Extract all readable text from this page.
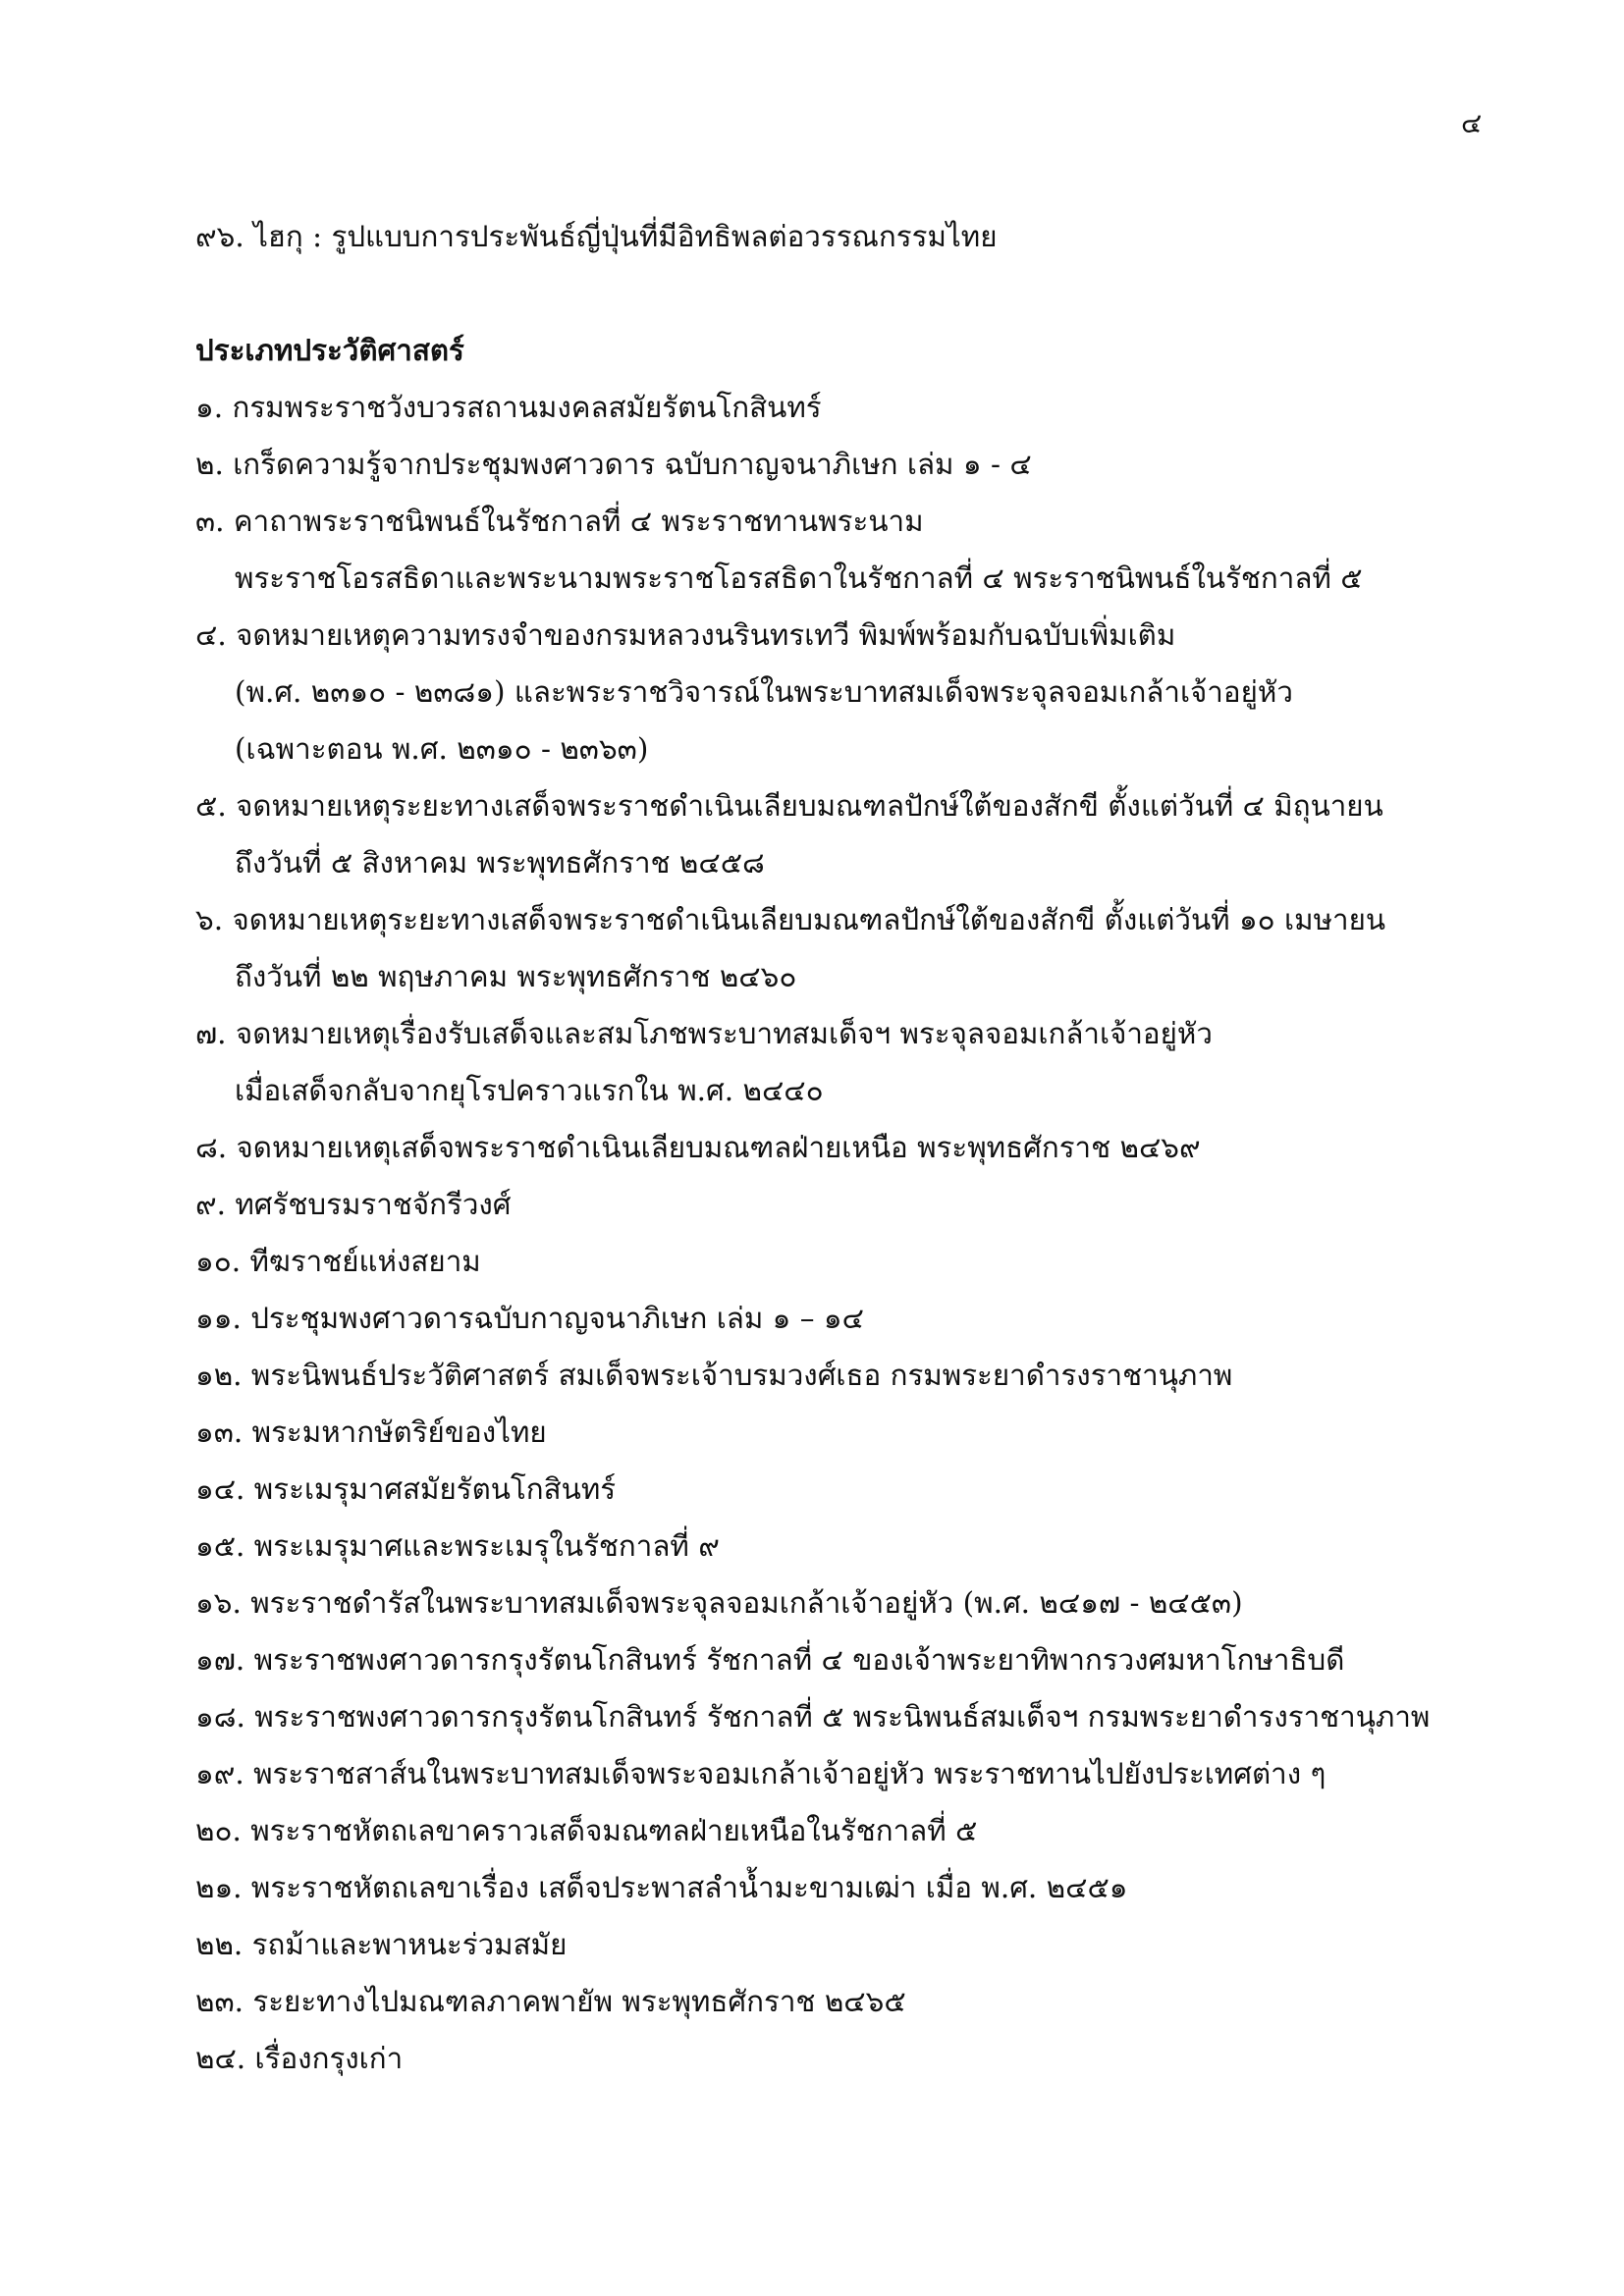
๔
๙๖. ไฮกุ : รูปแบบการประพันธ์ญี่ปุ่นที่มีอิทธิพลต่อวรรณกรรมไทย
ประเภทประวัติศาสตร์
๑. กรมพระราชวังบวรสถานมงคลสมัยรัตนโกสินทร์
๒. เกร็ดความรู้จากประชุมพงศาวดาร ฉบับกาญจนาภิเษก เล่ม ๑ - ๔
๓. คาถาพระราชนิพนธ์ในรัชกาลที่ ๔ พระราชทานพระนาม
พระราชโอรสธิดาและพระนามพระราชโอรสธิดาในรัชกาลที่ ๔ พระราชนิพนธ์ในรัชกาลที่ ๕
๔. จดหมายเหตุความทรงจำของกรมหลวงนรินทรเทวี พิมพ์พร้อมกับฉบับเพิ่มเติม
(พ.ศ. ๒๓๑๐ - ๒๓๘๑) และพระราชวิจารณ์ในพระบาทสมเด็จพระจุลจอมเกล้าเจ้าอยู่หัว
(เฉพาะตอน พ.ศ. ๒๓๑๐ - ๒๓๖๓)
๕. จดหมายเหตุระยะทางเสด็จพระราชดำเนินเลียบมณฑลปักษ์ใต้ของสักขี ตั้งแต่วันที่ ๔ มิถุนายน
ถึงวันที่ ๕ สิงหาคม พระพุทธศักราช ๒๔๕๘
๖. จดหมายเหตุระยะทางเสด็จพระราชดำเนินเลียบมณฑลปักษ์ใต้ของสักขี ตั้งแต่วันที่ ๑๐ เมษายน
ถึงวันที่ ๒๒ พฤษภาคม พระพุทธศักราช ๒๔๖๐
๗. จดหมายเหตุเรื่องรับเสด็จและสมโภชพระบาทสมเด็จฯ พระจุลจอมเกล้าเจ้าอยู่หัว
เมื่อเสด็จกลับจากยุโรปคราวแรกใน พ.ศ. ๒๔๔๐
๘. จดหมายเหตุเสด็จพระราชดำเนินเลียบมณฑลฝ่ายเหนือ พระพุทธศักราช ๒๔๖๙
๙. ทศรัชบรมราชจักรีวงศ์
๑๐. ทีฆราชย์แห่งสยาม
๑๑. ประชุมพงศาวดารฉบับกาญจนาภิเษก เล่ม ๑ – ๑๔
๑๒. พระนิพนธ์ประวัติศาสตร์ สมเด็จพระเจ้าบรมวงศ์เธอ กรมพระยาดำรงราชานุภาพ
๑๓. พระมหากษัตริย์ของไทย
๑๔. พระเมรุมาศสมัยรัตนโกสินทร์
๑๕. พระเมรุมาศและพระเมรุในรัชกาลที่ ๙
๑๖. พระราชดำรัสในพระบาทสมเด็จพระจุลจอมเกล้าเจ้าอยู่หัว (พ.ศ. ๒๔๑๗ - ๒๔๕๓)
๑๗. พระราชพงศาวดารกรุงรัตนโกสินทร์ รัชกาลที่ ๔ ของเจ้าพระยาทิพากรวงศมหาโกษาธิบดี
๑๘. พระราชพงศาวดารกรุงรัตนโกสินทร์ รัชกาลที่ ๕ พระนิพนธ์สมเด็จฯ กรมพระยาดำรงราชานุภาพ
๑๙. พระราชสาส์นในพระบาทสมเด็จพระจอมเกล้าเจ้าอยู่หัว พระราชทานไปยังประเทศต่าง ๆ
๒๐. พระราชหัตถเลขาคราวเสด็จมณฑลฝ่ายเหนือในรัชกาลที่ ๕
๒๑. พระราชหัตถเลขาเรื่อง เสด็จประพาสลำน้ำมะขามเฒ่า เมื่อ พ.ศ. ๒๔๕๑
๒๒. รถม้าและพาหนะร่วมสมัย
๒๓. ระยะทางไปมณฑลภาคพายัพ พระพุทธศักราช ๒๔๖๕
๒๔. เรื่องกรุงเก่า
